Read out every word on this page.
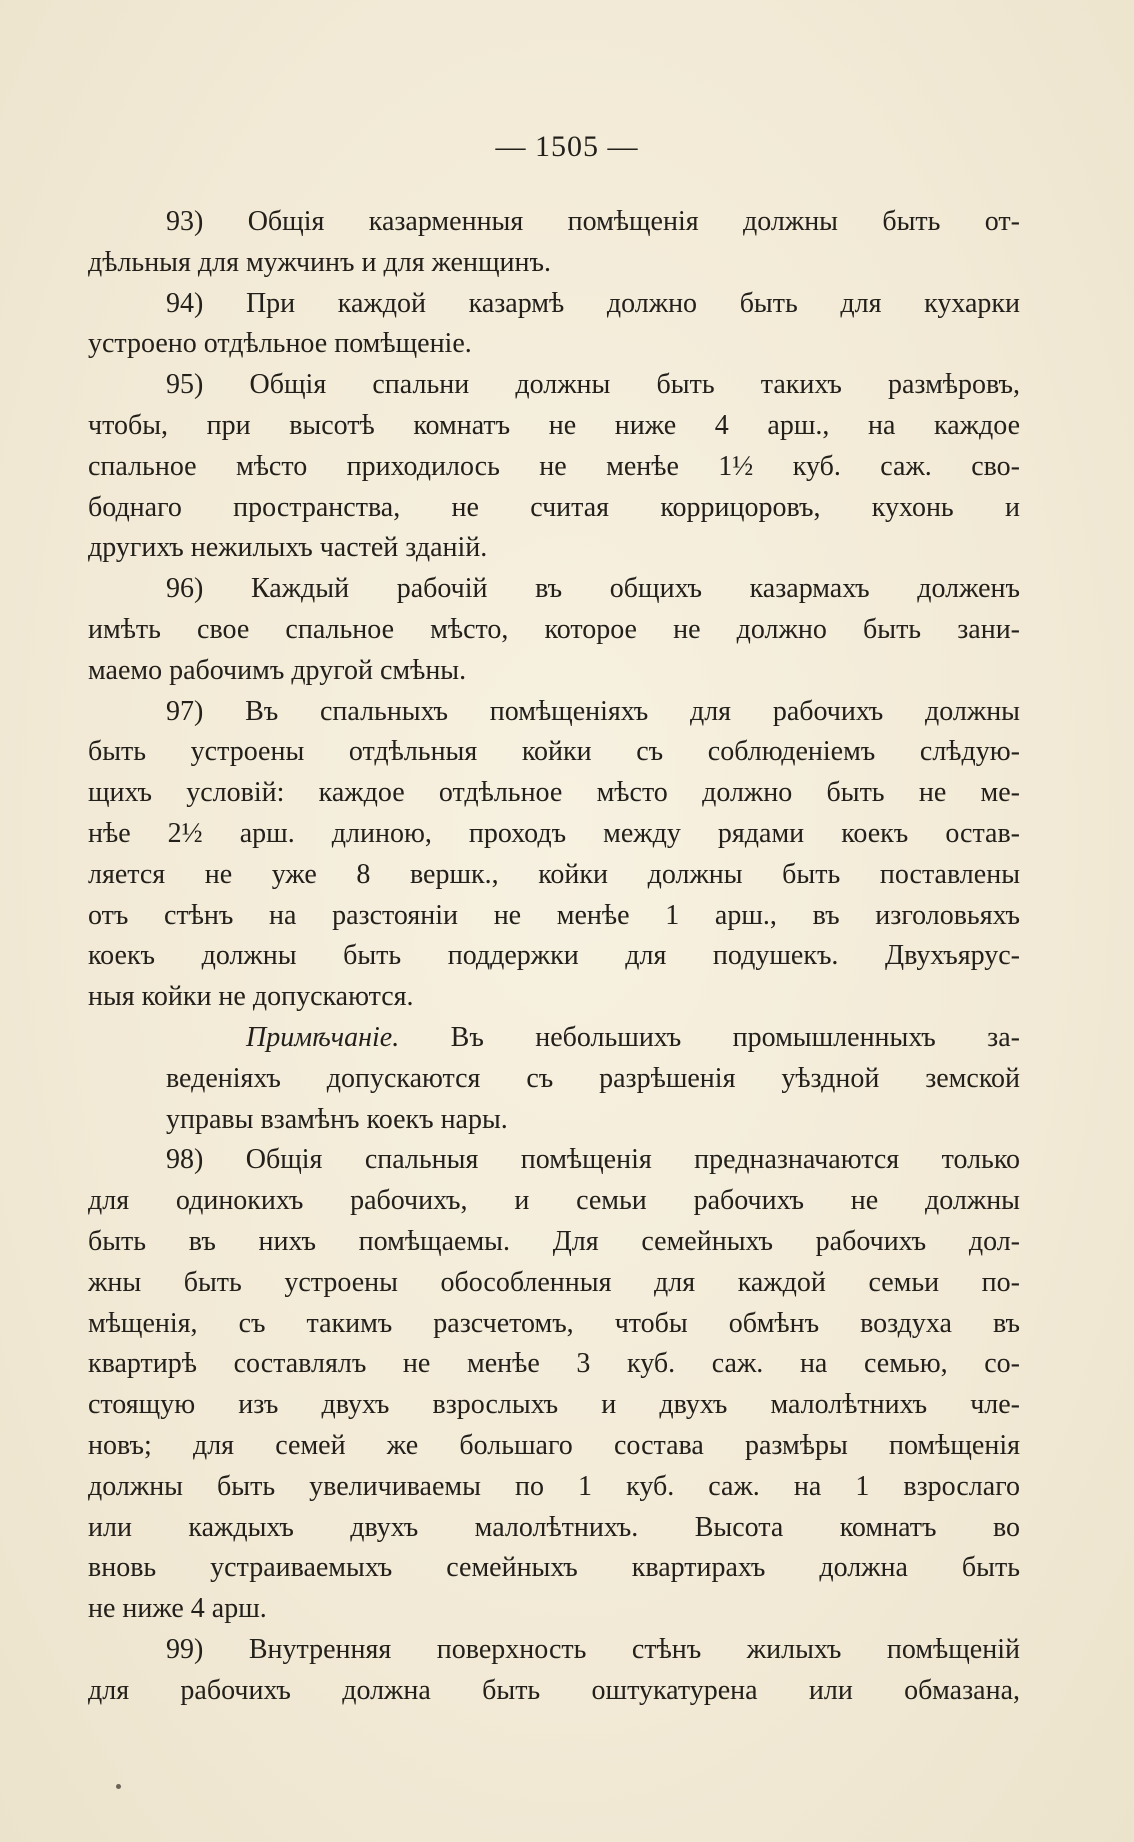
— 1505 —
93) Общія казарменныя помѣщенія должны быть от-
дѣльныя для мужчинъ и для женщинъ.
94) При каждой казармѣ должно быть для кухарки
устроено отдѣльное помѣщеніе.
95) Общія спальни должны быть такихъ размѣровъ,
чтобы, при высотѣ комнатъ не ниже 4 арш., на каждое
спальное мѣсто приходилось не менѣе 1½ куб. саж. сво-
боднаго пространства, не считая коррицоровъ, кухонь и
другихъ нежилыхъ частей зданій.
96) Каждый рабочій въ общихъ казармахъ долженъ
имѣть свое спальное мѣсто, которое не должно быть зани-
маемо рабочимъ другой смѣны.
97) Въ спальныхъ помѣщеніяхъ для рабочихъ должны
быть устроены отдѣльныя койки съ соблюденіемъ слѣдую-
щихъ условій: каждое отдѣльное мѣсто должно быть не ме-
нѣе 2½ арш. длиною, проходъ между рядами коекъ остав-
ляется не уже 8 вершк., койки должны быть поставлены
отъ стѣнъ на разстояніи не менѣе 1 арш., въ изголовьяхъ
коекъ должны быть поддержки для подушекъ. Двухъярус-
ныя койки не допускаются.
Примѣчаніе. Въ небольшихъ промышленныхъ за-
веденіяхъ допускаются съ разрѣшенія уѣздной земской
управы взамѣнъ коекъ нары.
98) Общія спальныя помѣщенія предназначаются только
для одинокихъ рабочихъ, и семьи рабочихъ не должны
быть въ нихъ помѣщаемы. Для семейныхъ рабочихъ дол-
жны быть устроены обособленныя для каждой семьи по-
мѣщенія, съ такимъ разсчетомъ, чтобы обмѣнъ воздуха въ
квартирѣ составлялъ не менѣе 3 куб. саж. на семью, со-
стоящую изъ двухъ взрослыхъ и двухъ малолѣтнихъ чле-
новъ; для семей же большаго состава размѣры помѣщенія
должны быть увеличиваемы по 1 куб. саж. на 1 взрослаго
или каждыхъ двухъ малолѣтнихъ. Высота комнатъ во
вновь устраиваемыхъ семейныхъ квартирахъ должна быть
не ниже 4 арш.
99) Внутренняя поверхность стѣнъ жилыхъ помѣщеній
для рабочихъ должна быть оштукатурена или обмазана,
